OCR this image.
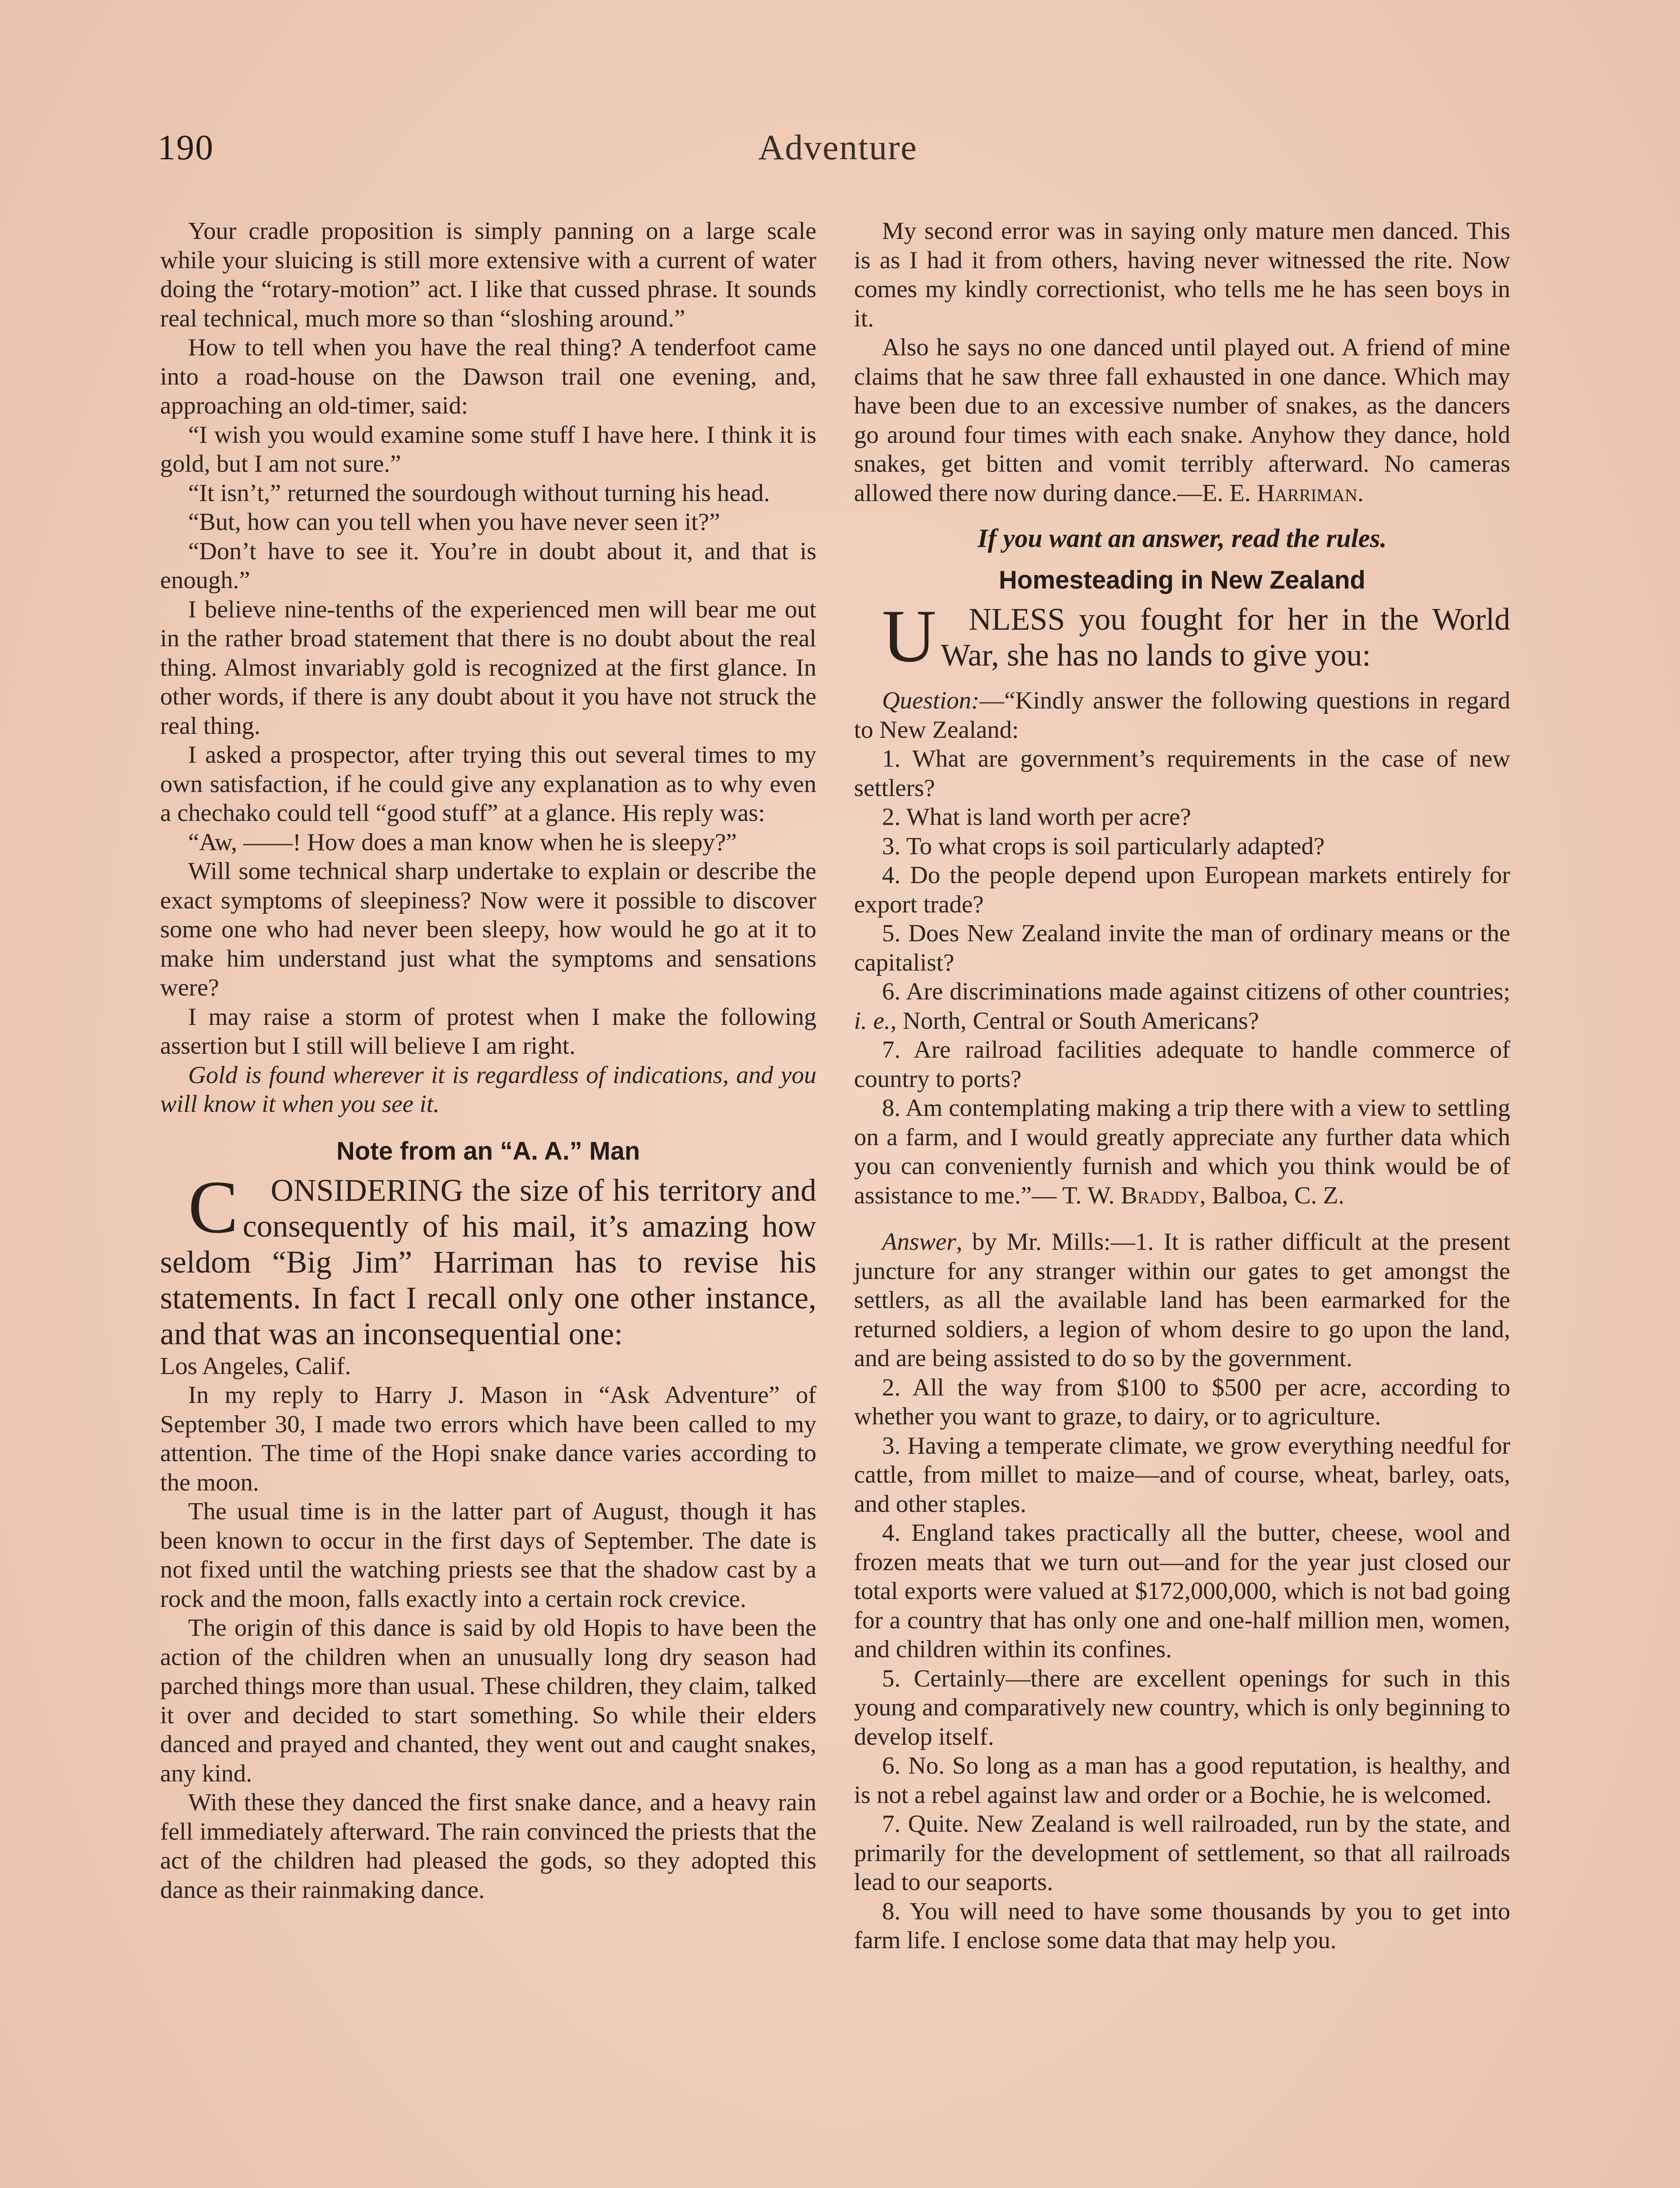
190	Adventure

Your cradle proposition is simply panning on a large scale while your sluicing is still more extensive with a current of water doing the “rotary-motion” act. I like that cussed phrase. It sounds real technical, much more so than “sloshing around.”

How to tell when you have the real thing? A tenderfoot came into a road-house on the Dawson trail one evening, and, approaching an old-timer, said:

“I wish you would examine some stuff I have here. I think it is gold, but I am not sure.”

“It isn’t,” returned the sourdough without turning his head.

“But, how can you tell when you have never seen it?”

“Don’t have to see it. You’re in doubt about it, and that is enough.”

I believe nine-tenths of the experienced men will bear me out in the rather broad statement that there is no doubt about the real thing. Almost invariably gold is recognized at the first glance. In other words, if there is any doubt about it you have not struck the real thing.

I asked a prospector, after trying this out several times to my own satisfaction, if he could give any explanation as to why even a chechako could tell “good stuff” at a glance. His reply was:

“Aw, ——! How does a man know when he is sleepy?”

Will some technical sharp undertake to explain or describe the exact symptoms of sleepiness? Now were it possible to discover some one who had never been sleepy, how would he go at it to make him understand just what the symptoms and sensations were?

I may raise a storm of protest when I make the following assertion but I still will believe I am right.

Gold is found wherever it is regardless of indications, and you will know it when you see it.

Note from an “A. A.” Man

C ONSIDERING the size of his territory and consequently of his mail, it’s amazing how seldom “Big Jim” Harriman has to revise his statements. In fact I recall only one other instance, and that was an inconsequential one:

Los Angeles, Calif.

In my reply to Harry J. Mason in “Ask Adventure” of September 30, I made two errors which have been called to my attention. The time of the Hopi snake dance varies according to the moon.

The usual time is in the latter part of August, though it has been known to occur in the first days of September. The date is not fixed until the watching priests see that the shadow cast by a rock and the moon, falls exactly into a certain rock crevice.

The origin of this dance is said by old Hopis to have been the action of the children when an unusually long dry season had parched things more than usual. These children, they claim, talked it over and decided to start something. So while their elders danced and prayed and chanted, they went out and caught snakes, any kind.

With these they danced the first snake dance, and a heavy rain fell immediately afterward. The rain convinced the priests that the act of the children had pleased the gods, so they adopted this dance as their rainmaking dance.

My second error was in saying only mature men danced. This is as I had it from others, having never witnessed the rite. Now comes my kindly correctionist, who tells me he has seen boys in it.

Also he says no one danced until played out. A friend of mine claims that he saw three fall exhausted in one dance. Which may have been due to an excessive number of snakes, as the dancers go around four times with each snake. Anyhow they dance, hold snakes, get bitten and vomit terribly afterward. No cameras allowed there now during dance.—E. E. Harriman.

If you want an answer, read the rules.
Homesteading in New Zealand

U NLESS you fought for her in the World War, she has no lands to give you:

Question:—“Kindly answer the following questions in regard to New Zealand:

1. What are government’s requirements in the case of new settlers?

2. What is land worth per acre?

3. To what crops is soil particularly adapted?

4. Do the people depend upon European markets entirely for export trade?

5. Does New Zealand invite the man of ordinary means or the capitalist?

6. Are discriminations made against citizens of other countries; i. e., North, Central or South Americans?

7. Are railroad facilities adequate to handle commerce of country to ports?

8. Am contemplating making a trip there with a view to settling on a farm, and I would greatly appreciate any further data which you can conveniently furnish and which you think would be of assistance to me.”— T. W. Braddy, Balboa, C. Z.

Answer, by Mr. Mills:—1. It is rather difficult at the present juncture for any stranger within our gates to get amongst the settlers, as all the available land has been earmarked for the returned soldiers, a legion of whom desire to go upon the land, and are being assisted to do so by the government.

2. All the way from $100 to $500 per acre, according to whether you want to graze, to dairy, or to agriculture.

3. Having a temperate climate, we grow everything needful for cattle, from millet to maize—and of course, wheat, barley, oats, and other staples.

4. England takes practically all the butter, cheese, wool and frozen meats that we turn out—and for the year just closed our total exports were valued at $172,000,000, which is not bad going for a country that has only one and one-half million men, women, and children within its confines.

5. Certainly—there are excellent openings for such in this young and comparatively new country, which is only beginning to develop itself.

6. No. So long as a man has a good reputation, is healthy, and is not a rebel against law and order or a Bochie, he is welcomed.

7. Quite. New Zealand is well railroaded, run by the state, and primarily for the development of settlement, so that all railroads lead to our seaports.

8. You will need to have some thousands by you to get into farm life. I enclose some data that may help you.
